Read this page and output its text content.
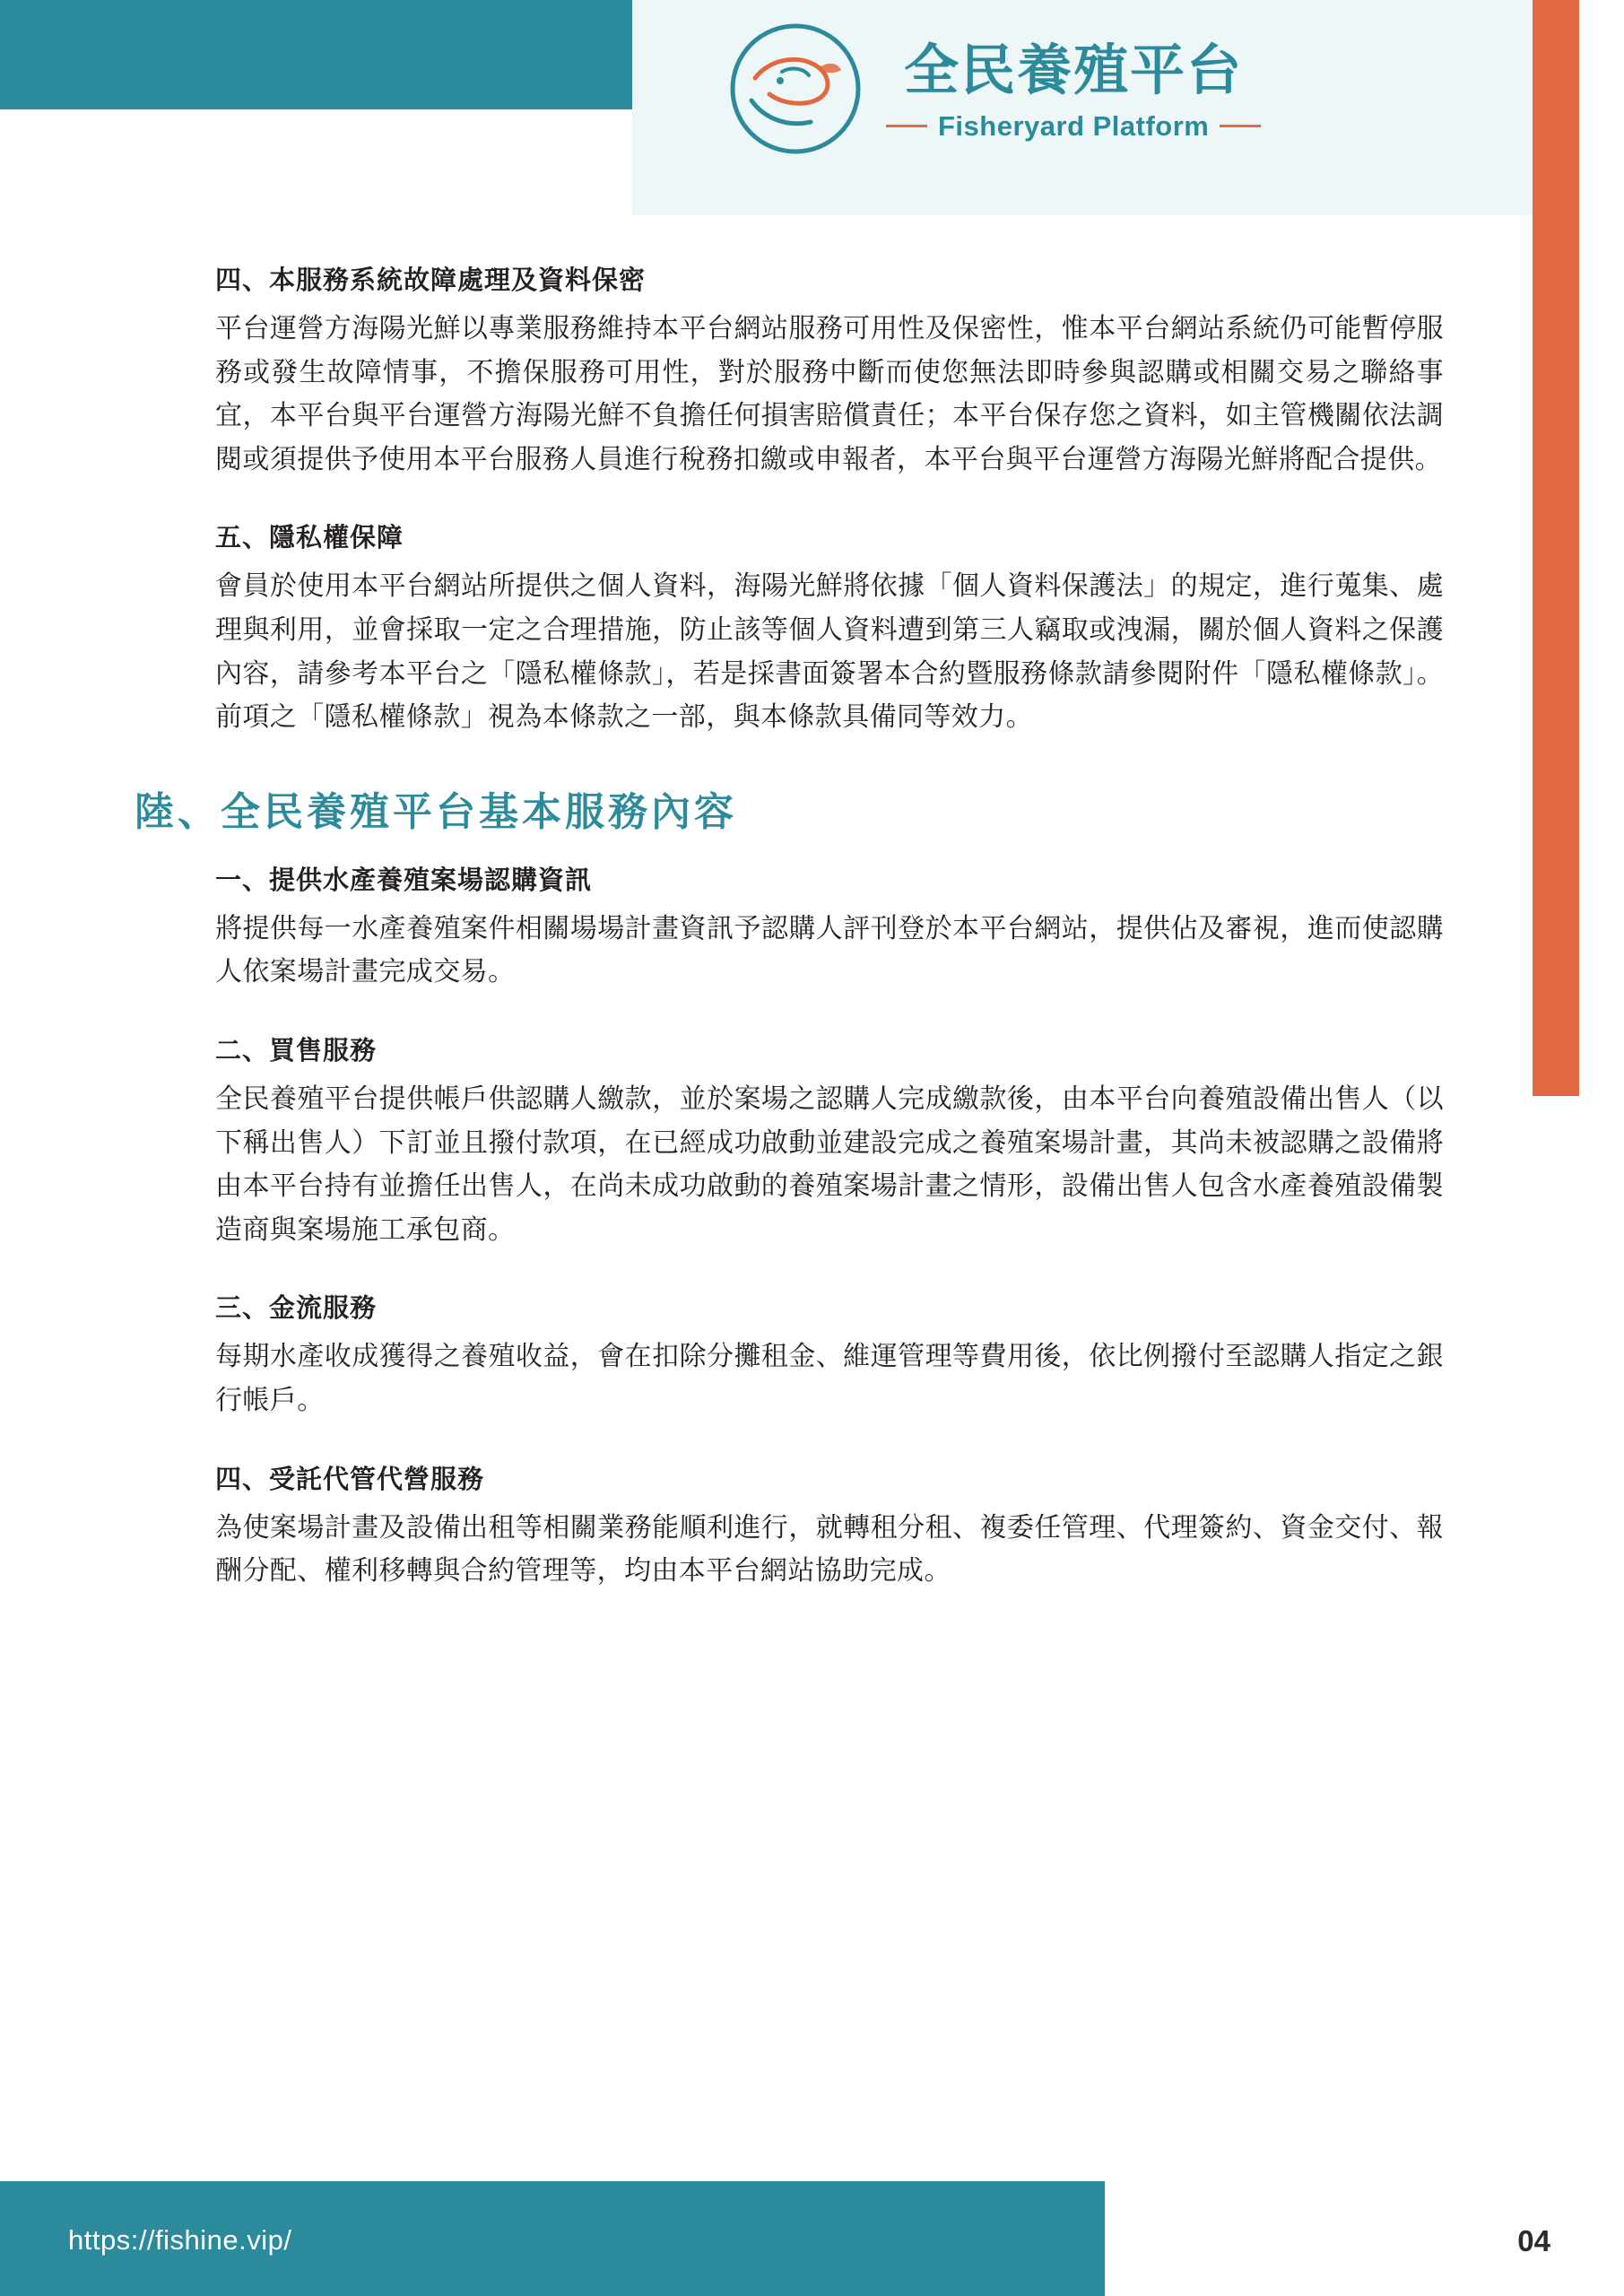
全民養殖平台
Fisheryard Platform
四、本服務系統故障處理及資料保密

平台運營方海陽光鮮以專業服務維持本平台網站服務可用性及保密性，惟本平台網站系統仍可能暫停服務或發生故障情事，不擔保服務可用性，對於服務中斷而使您無法即時參與認購或相關交易之聯絡事宜，本平台與平台運營方海陽光鮮不負擔任何損害賠償責任；本平台保存您之資料，如主管機關依法調閱或須提供予使用本平台服務人員進行稅務扣繳或申報者，本平台與平台運營方海陽光鮮將配合提供。

五、隱私權保障

會員於使用本平台網站所提供之個人資料，海陽光鮮將依據「個人資料保護法」的規定，進行蒐集、處理與利用，並會採取一定之合理措施，防止該等個人資料遭到第三人竊取或洩漏，關於個人資料之保護內容，請參考本平台之「隱私權條款」，若是採書面簽署本合約暨服務條款請參閱附件「隱私權條款」。前項之「隱私權條款」視為本條款之一部，與本條款具備同等效力。

陸、全民養殖平台基本服務內容
一、提供水產養殖案場認購資訊

將提供每一水產養殖案件相關場場計畫資訊予認購人評刊登於本平台網站，提供佔及審視，進而使認購人依案場計畫完成交易。

二、買售服務

全民養殖平台提供帳戶供認購人繳款，並於案場之認購人完成繳款後，由本平台向養殖設備出售人（以下稱出售人）下訂並且撥付款項，在已經成功啟動並建設完成之養殖案場計畫，其尚未被認購之設備將由本平台持有並擔任出售人，在尚未成功啟動的養殖案場計畫之情形，設備出售人包含水產養殖設備製造商與案場施工承包商。

三、金流服務

每期水產收成獲得之養殖收益，會在扣除分攤租金、維運管理等費用後，依比例撥付至認購人指定之銀行帳戶。

四、受託代管代營服務

為使案場計畫及設備出租等相關業務能順利進行，就轉租分租、複委任管理、代理簽約、資金交付、報酬分配、權利移轉與合約管理等，均由本平台網站協助完成。

https://fishine.vip/	04
